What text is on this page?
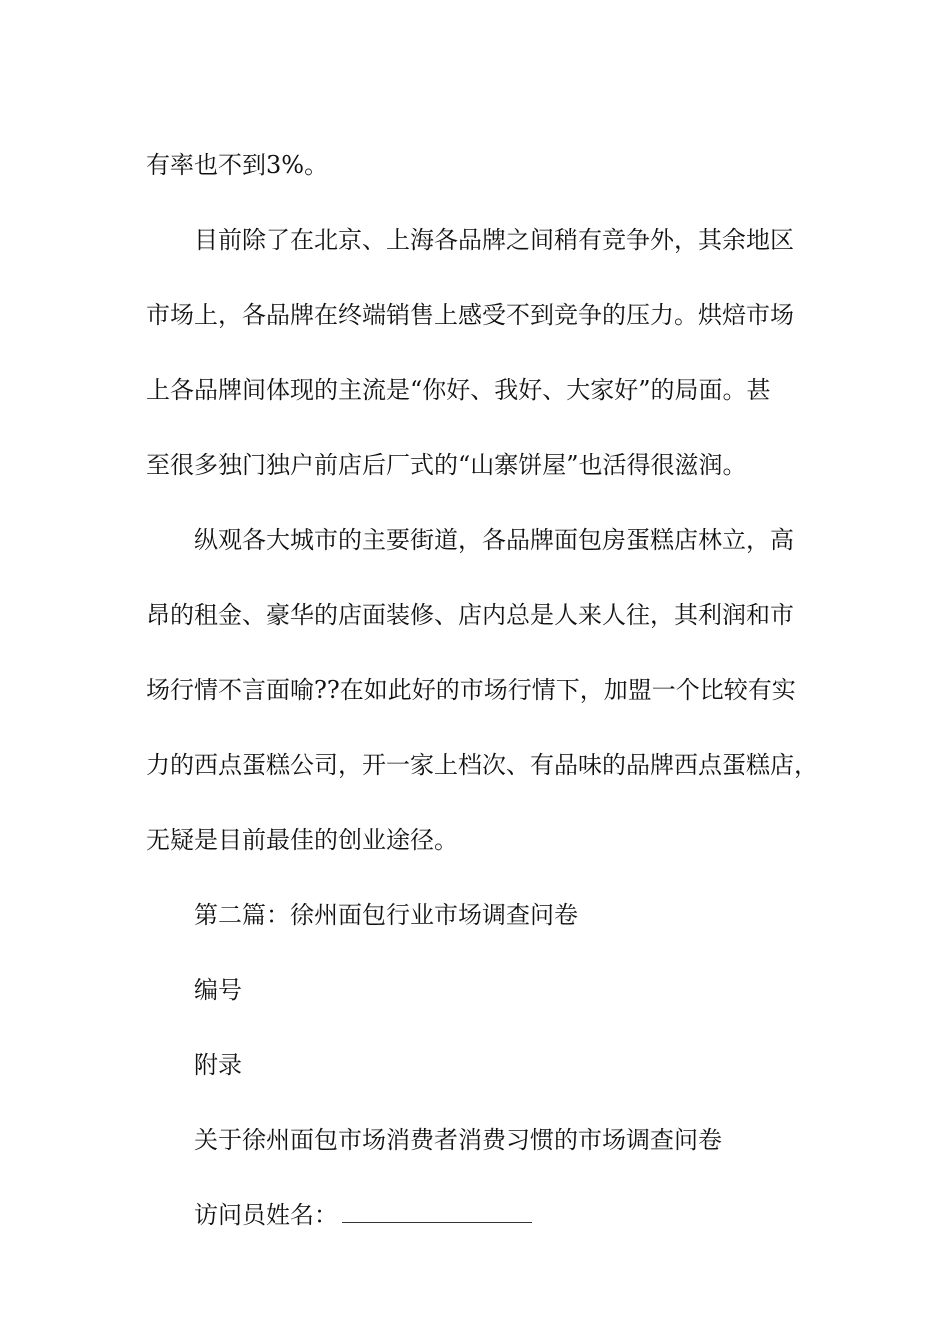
有率也不到3%。

目前除了在北京、上海各品牌之间稍有竞争外，其余地区
市场上，各品牌在终端销售上感受不到竞争的压力。烘焙市场
上各品牌间体现的主流是“你好、我好、大家好”的局面。甚
至很多独门独户前店后厂式的“山寨饼屋”也活得很滋润。

纵观各大城市的主要街道，各品牌面包房蛋糕店林立，高
昂的租金、豪华的店面装修、店内总是人来人往，其利润和市
场行情不言面喻??在如此好的市场行情下，加盟一个比较有实
力的西点蛋糕公司，开一家上档次、有品味的品牌西点蛋糕店，
无疑是目前最佳的创业途径。

第二篇：徐州面包行业市场调查问卷

编号

附录

关于徐州面包市场消费者消费习惯的市场调查问卷

访问员姓名：
